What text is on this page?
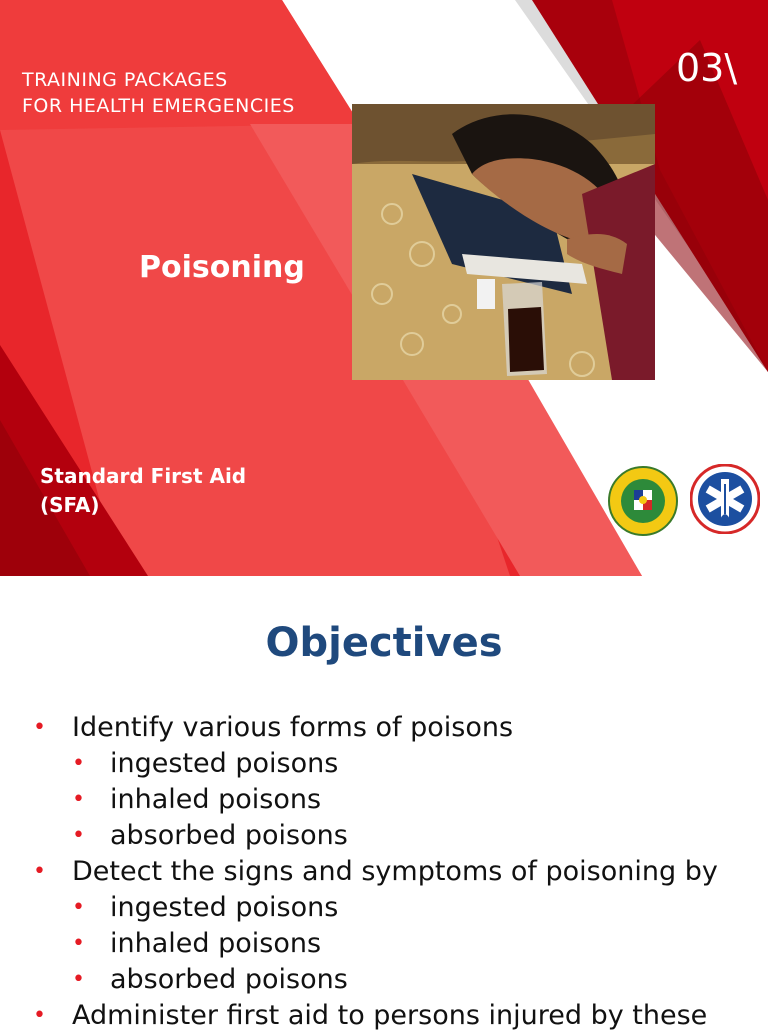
TRAINING PACKAGES
FOR HEALTH EMERGENCIES
03\
Poisoning
Standard First Aid
(SFA)
Objectives
• Identify various forms of poisons
• ingested poisons
• inhaled poisons
• absorbed poisons
• Detect the signs and symptoms of poisoning by
• ingested poisons
• inhaled poisons
• absorbed poisons
• Administer first aid to persons injured by these
